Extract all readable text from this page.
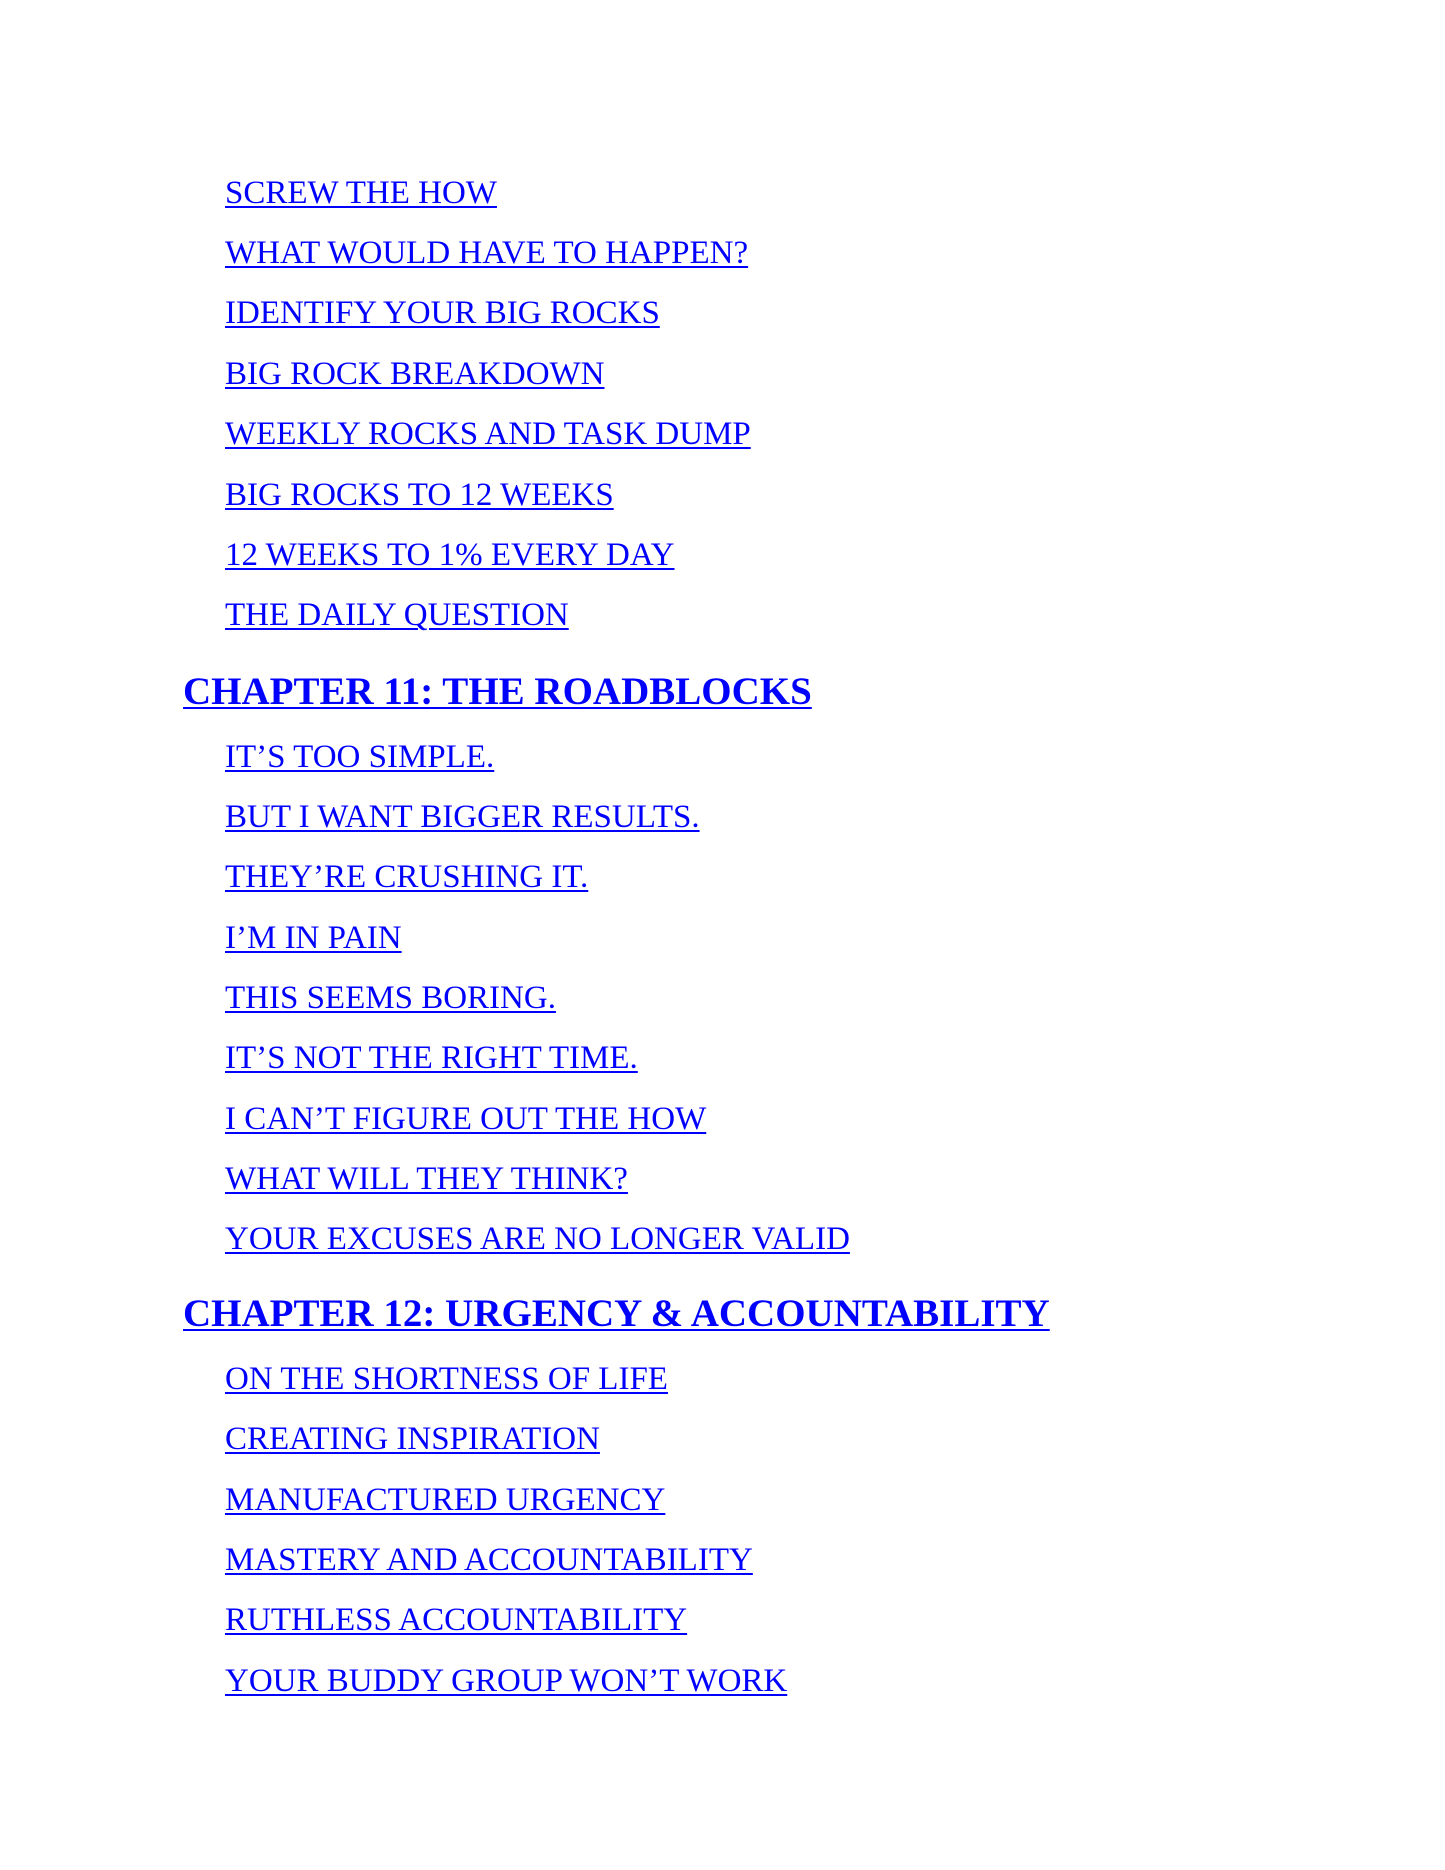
SCREW THE HOW
WHAT WOULD HAVE TO HAPPEN?
IDENTIFY YOUR BIG ROCKS
BIG ROCK BREAKDOWN
WEEKLY ROCKS AND TASK DUMP
BIG ROCKS TO 12 WEEKS
12 WEEKS TO 1% EVERY DAY
THE DAILY QUESTION
CHAPTER 11: THE ROADBLOCKS
IT’S TOO SIMPLE.
BUT I WANT BIGGER RESULTS.
THEY’RE CRUSHING IT.
I’M IN PAIN
THIS SEEMS BORING.
IT’S NOT THE RIGHT TIME.
I CAN’T FIGURE OUT THE HOW
WHAT WILL THEY THINK?
YOUR EXCUSES ARE NO LONGER VALID
CHAPTER 12: URGENCY & ACCOUNTABILITY
ON THE SHORTNESS OF LIFE
CREATING INSPIRATION
MANUFACTURED URGENCY
MASTERY AND ACCOUNTABILITY
RUTHLESS ACCOUNTABILITY
YOUR BUDDY GROUP WON’T WORK
